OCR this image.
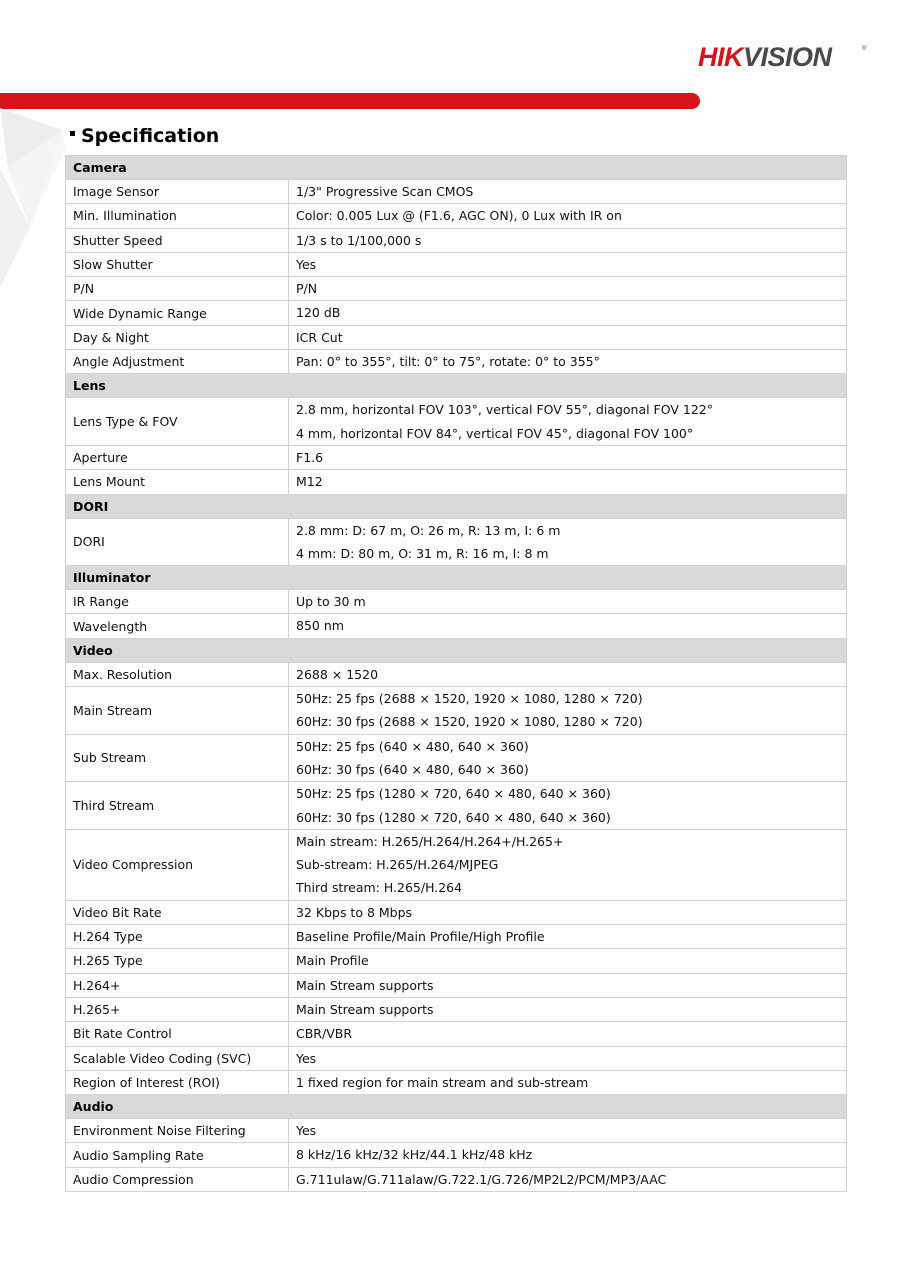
HIKVISION	®
Specification
Camera	
Image Sensor	1/3" Progressive Scan CMOS

Min. Illumination	Color: 0.005 Lux @ (F1.6, AGC ON), 0 Lux with IR on

Shutter Speed	1/3 s to 1/100,000 s

Slow Shutter	Yes

P/N	P/N

Wide Dynamic Range	120 dB

Day & Night	ICR Cut

Angle Adjustment	Pan: 0° to 355°, tilt: 0° to 75°, rotate: 0° to 355°

Lens	
Lens Type & FOV	2.8 mm, horizontal FOV 103°, vertical FOV 55°, diagonal FOV 122°
4 mm, horizontal FOV 84°, vertical FOV 45°, diagonal FOV 100°

Aperture	F1.6

Lens Mount	M12

DORI	
DORI	2.8 mm: D: 67 m, O: 26 m, R: 13 m, I: 6 m
4 mm: D: 80 m, O: 31 m, R: 16 m, I: 8 m

Illuminator	
IR Range	Up to 30 m

Wavelength	850 nm

Video	
Max. Resolution	2688 × 1520

Main Stream	50Hz: 25 fps (2688 × 1520, 1920 × 1080, 1280 × 720)
60Hz: 30 fps (2688 × 1520, 1920 × 1080, 1280 × 720)

Sub Stream	50Hz: 25 fps (640 × 480, 640 × 360)
60Hz: 30 fps (640 × 480, 640 × 360)

Third Stream	50Hz: 25 fps (1280 × 720, 640 × 480, 640 × 360)
60Hz: 30 fps (1280 × 720, 640 × 480, 640 × 360)

Video Compression	Main stream: H.265/H.264/H.264+/H.265+
Sub-stream: H.265/H.264/MJPEG
Third stream: H.265/H.264

Video Bit Rate	32 Kbps to 8 Mbps

H.264 Type	Baseline Profile/Main Profile/High Profile

H.265 Type	Main Profile

H.264+	Main Stream supports

H.265+	Main Stream supports

Bit Rate Control	CBR/VBR

Scalable Video Coding (SVC)	Yes

Region of Interest (ROI)	1 fixed region for main stream and sub-stream

Audio	
Environment Noise Filtering	Yes

Audio Sampling Rate	8 kHz/16 kHz/32 kHz/44.1 kHz/48 kHz

Audio Compression	G.711ulaw/G.711alaw/G.722.1/G.726/MP2L2/PCM/MP3/AAC
